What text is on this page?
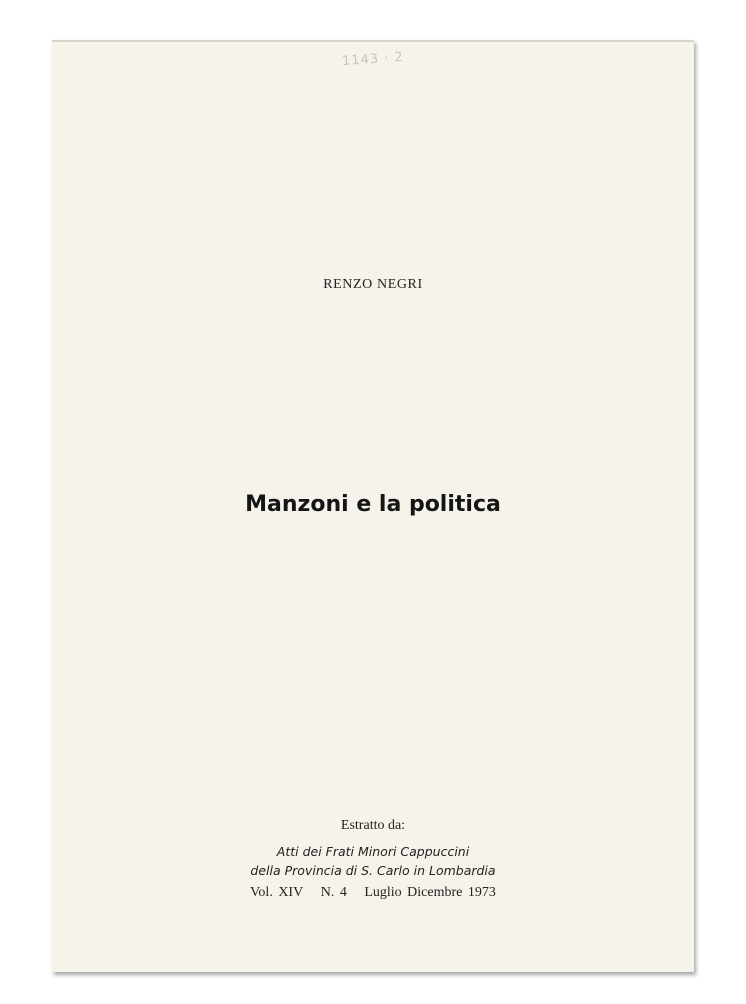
1143 · 2
RENZO NEGRI
Manzoni e la politica
Estratto da:
Atti dei Frati Minori Cappuccini
della Provincia di S. Carlo in Lombardia
Vol. XIV N. 4 Luglio Dicembre 1973
